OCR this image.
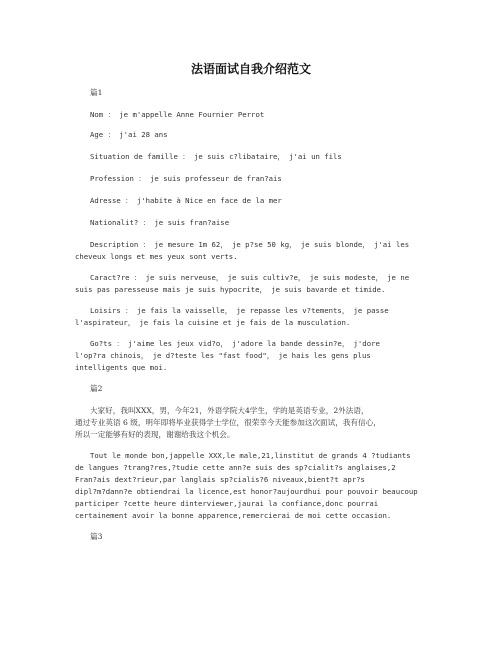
法语面试自我介绍范文
篇1
Nom ： je m'appelle Anne Fournier Perrot
Age ： j'ai 28 ans
Situation de famille ： je suis c?libataire， j'ai un fils
Profession ： je suis professeur de fran?ais
Adresse ： j'habite à Nice en face de la mer
Nationalit? ： je suis fran?aise
Description ： je mesure 1m 62， je p?se 50 kg， je suis blonde， j'ai les
cheveux longs et mes yeux sont verts.
Caract?re ： je suis nerveuse， je suis cultiv?e， je suis modeste， je ne
suis pas paresseuse mais je suis hypocrite， je suis bavarde et timide.
Loisirs ： je fais la vaisselle， je repasse les v?tements， je passe
l'aspirateur， je fais la cuisine et je fais de la musculation.
Go?ts ： j'aime les jeux vid?o， j'adore la bande dessin?e， j'dore
l'op?ra chinois， je d?teste les "fast food"， je hais les gens plus
intelligents que moi.
篇2
大家好，我叫XXX，男，今年21，外语学院大4学生，学的是英语专业，2外法语，
通过专业英语 6 级，明年即将毕业获得学士学位，很荣幸今天能参加这次面试，我有信心，
所以一定能够有好的表现，谢谢给我这个机会。
Tout le monde bon,jappelle XXX,le male,21,linstitut de grands 4 ?tudiants
de langues ?trang?res,?tudie cette ann?e suis des sp?cialit?s anglaises,2
Fran?ais dext?rieur,par langlais sp?cialis?6 niveaux,bient?t apr?s
dipl?m?dann?e obtiendrai la licence,est honor?aujourdhui pour pouvoir beaucoup
participer ?cette heure dinterviewer,jaurai la confiance,donc pourrai
certainement avoir la bonne apparence,remercierai de moi cette occasion.
篇3
